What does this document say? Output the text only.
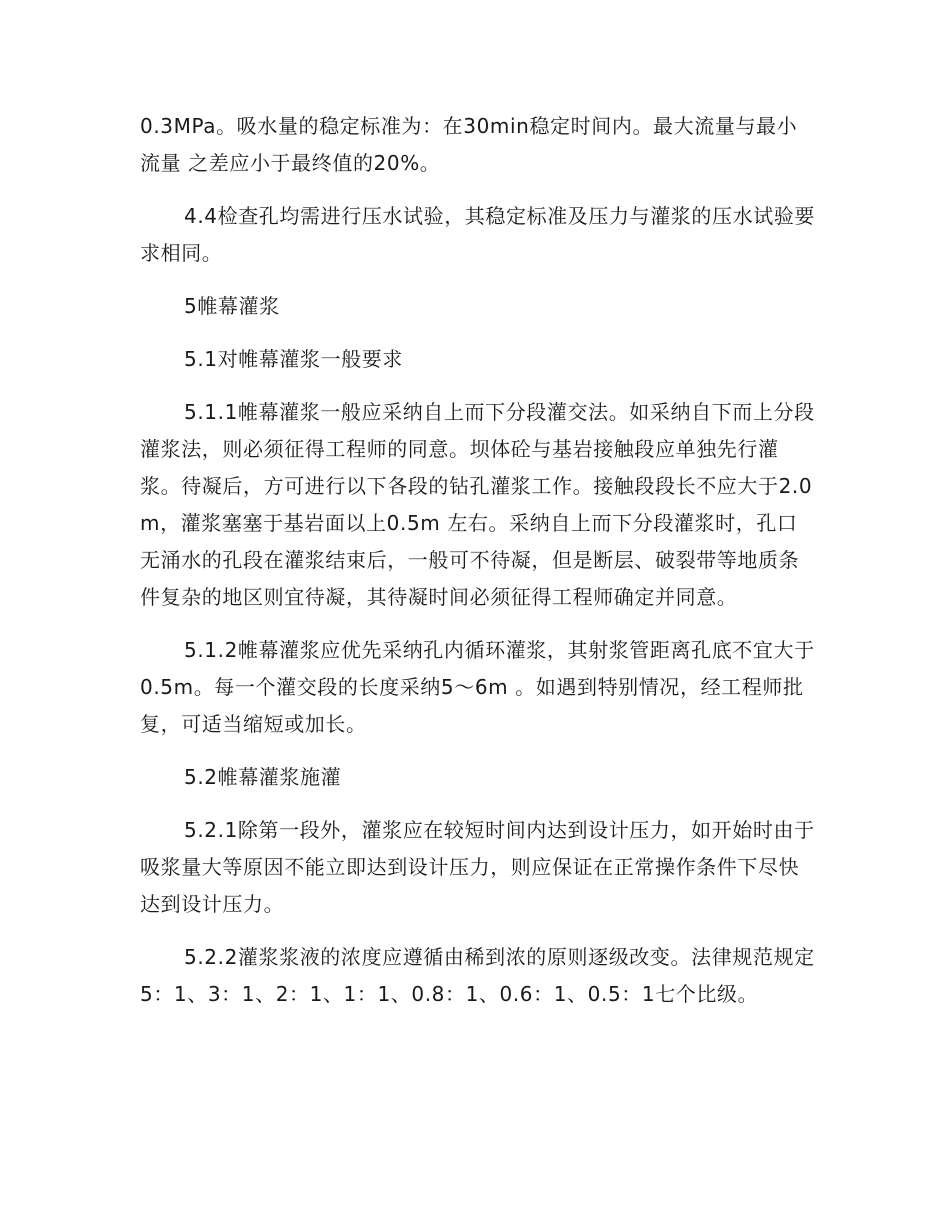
0.3MPa。吸水量的稳定标准为：在30min稳定时间内。最大流量与最小流量 之差应小于最终值的20%。

4.4检查孔均需进行压水试验，其稳定标准及压力与灌浆的压水试验要求相同。

5帷幕灌浆

5.1对帷幕灌浆一般要求

5.1.1帷幕灌浆一般应采纳自上而下分段灌交法。如采纳自下而上分段灌浆法，则必须征得工程师的同意。坝体砼与基岩接触段应单独先行灌浆。待凝后，方可进行以下各段的钻孔灌浆工作。接触段段长不应大于2.0m，灌浆塞塞于基岩面以上0.5m 左右。采纳自上而下分段灌浆时，孔口无涌水的孔段在灌浆结束后，一般可不待凝，但是断层、破裂带等地质条件复杂的地区则宜待凝，其待凝时间必须征得工程师确定并同意。

5.1.2帷幕灌浆应优先采纳孔内循环灌浆，其射浆管距离孔底不宜大于0.5m。每一个灌交段的长度采纳5～6m 。如遇到特别情况，经工程师批复，可适当缩短或加长。

5.2帷幕灌浆施灌

5.2.1除第一段外，灌浆应在较短时间内达到设计压力，如开始时由于吸浆量大等原因不能立即达到设计压力，则应保证在正常操作条件下尽快达到设计压力。

5.2.2灌浆浆液的浓度应遵循由稀到浓的原则逐级改变。法律规范规定5：1、3：1、2：1、1：1、0.8：1、0.6：1、0.5：1七个比级。
